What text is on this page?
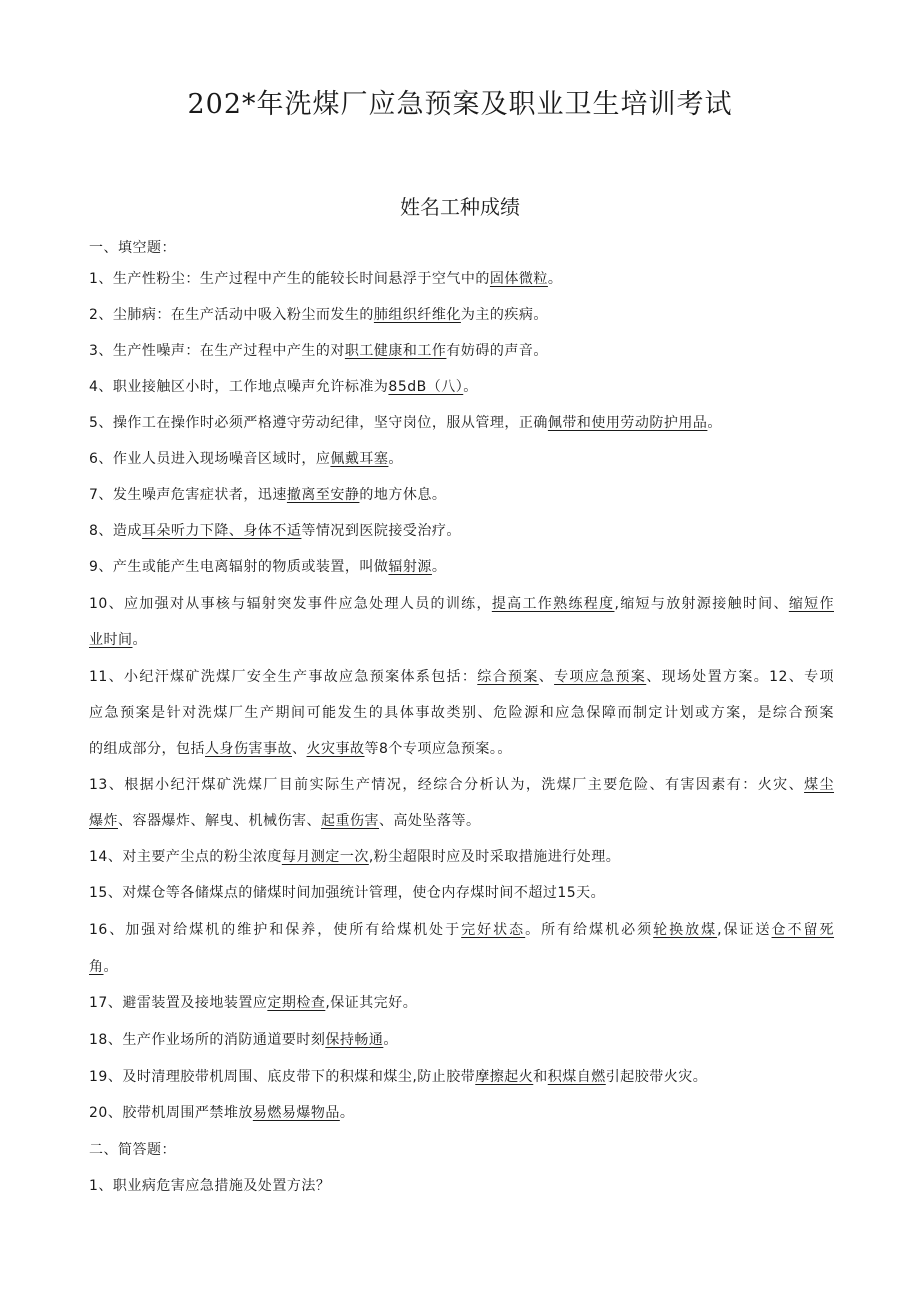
202*年洗煤厂应急预案及职业卫生培训考试
姓名工种成绩
一、填空题：
1、生产性粉尘：生产过程中产生的能较长时间悬浮于空气中的固体微粒。
2、尘肺病：在生产活动中吸入粉尘而发生的肺组织纤维化为主的疾病。
3、生产性噪声：在生产过程中产生的对职工健康和工作有妨碍的声音。
4、职业接触区小时，工作地点噪声允许标准为85dB（八）。
5、操作工在操作时必须严格遵守劳动纪律，坚守岗位，服从管理，正确佩带和使用劳动防护用品。
6、作业人员进入现场噪音区域时，应佩戴耳塞。
7、发生噪声危害症状者，迅速撤离至安静的地方休息。
8、造成耳朵听力下降、身体不适等情况到医院接受治疗。
9、产生或能产生电离辐射的物质或装置，叫做辐射源。
10、应加强对从事核与辐射突发事件应急处理人员的训练，提高工作熟练程度,缩短与放射源接触时间、缩短作
业时间。
11、小纪汗煤矿洗煤厂安全生产事故应急预案体系包括：综合预案、专项应急预案、现场处置方案。12、专项
应急预案是针对洗煤厂生产期间可能发生的具体事故类别、危险源和应急保障而制定计划或方案，是综合预案
的组成部分，包括人身伤害事故、火灾事故等8个专项应急预案。。
13、根据小纪汗煤矿洗煤厂目前实际生产情况，经综合分析认为，洗煤厂主要危险、有害因素有：火灾、煤尘
爆炸、容器爆炸、解曳、机械伤害、起重伤害、高处坠落等。
14、对主要产尘点的粉尘浓度每月测定一次,粉尘超限时应及时采取措施进行处理。
15、对煤仓等各储煤点的储煤时间加强统计管理，使仓内存煤时间不超过15天。
16、加强对给煤机的维护和保养，使所有给煤机处于完好状态。所有给煤机必须轮换放煤,保证送仓不留死
角。
17、避雷装置及接地装置应定期检查,保证其完好。
18、生产作业场所的消防通道要时刻保持畅通。
19、及时清理胶带机周围、底皮带下的积煤和煤尘,防止胶带摩擦起火和积煤自燃引起胶带火灾。
20、胶带机周围严禁堆放易燃易爆物品。
二、简答题：
1、职业病危害应急措施及处置方法？
